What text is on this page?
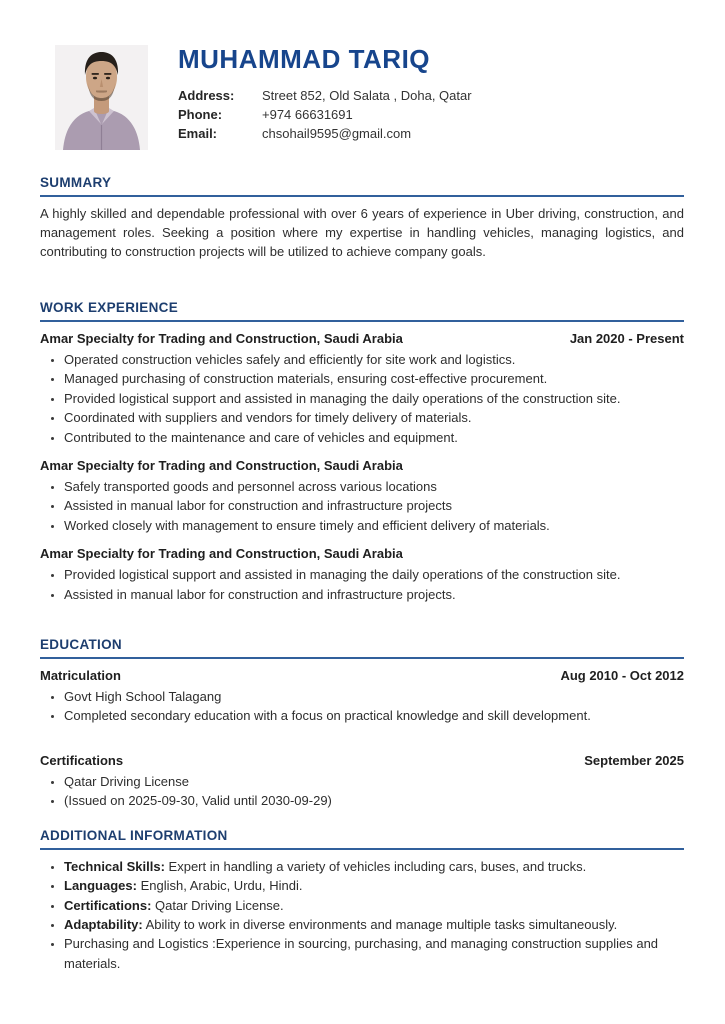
MUHAMMAD TARIQ
Address:	Street 852, Old Salata , Doha, Qatar
Phone:	+974 66631691
Email:	chsohail9595@gmail.com
SUMMARY

A highly skilled and dependable professional with over 6 years of experience in Uber driving, construction, and management roles. Seeking a position where my expertise in handling vehicles, managing logistics, and contributing to construction projects will be utilized to achieve company goals.

WORK EXPERIENCE
Amar Specialty for Trading and Construction, Saudi Arabia	Jan 2020 - Present
• Operated construction vehicles safely and efficiently for site work and logistics.
• Managed purchasing of construction materials, ensuring cost-effective procurement.
• Provided logistical support and assisted in managing the daily operations of the construction site.
• Coordinated with suppliers and vendors for timely delivery of materials.
• Contributed to the maintenance and care of vehicles and equipment.
Amar Specialty for Trading and Construction, Saudi Arabia
• Safely transported goods and personnel across various locations
• Assisted in manual labor for construction and infrastructure projects
• Worked closely with management to ensure timely and efficient delivery of materials.
Amar Specialty for Trading and Construction, Saudi Arabia
• Provided logistical support and assisted in managing the daily operations of the construction site.
• Assisted in manual labor for construction and infrastructure projects.
EDUCATION
Matriculation	Aug 2010 - Oct 2012
• Govt High School Talagang
• Completed secondary education with a focus on practical knowledge and skill development.
Certifications	September 2025
• Qatar Driving License
• (Issued on 2025-09-30, Valid until 2030-09-29)
ADDITIONAL INFORMATION
• Technical Skills: Expert in handling a variety of vehicles including cars, buses, and trucks.
• Languages: English, Arabic, Urdu, Hindi.
• Certifications: Qatar Driving License.
• Adaptability: Ability to work in diverse environments and manage multiple tasks simultaneously.
• Purchasing and Logistics :Experience in sourcing, purchasing, and managing construction supplies and materials.
